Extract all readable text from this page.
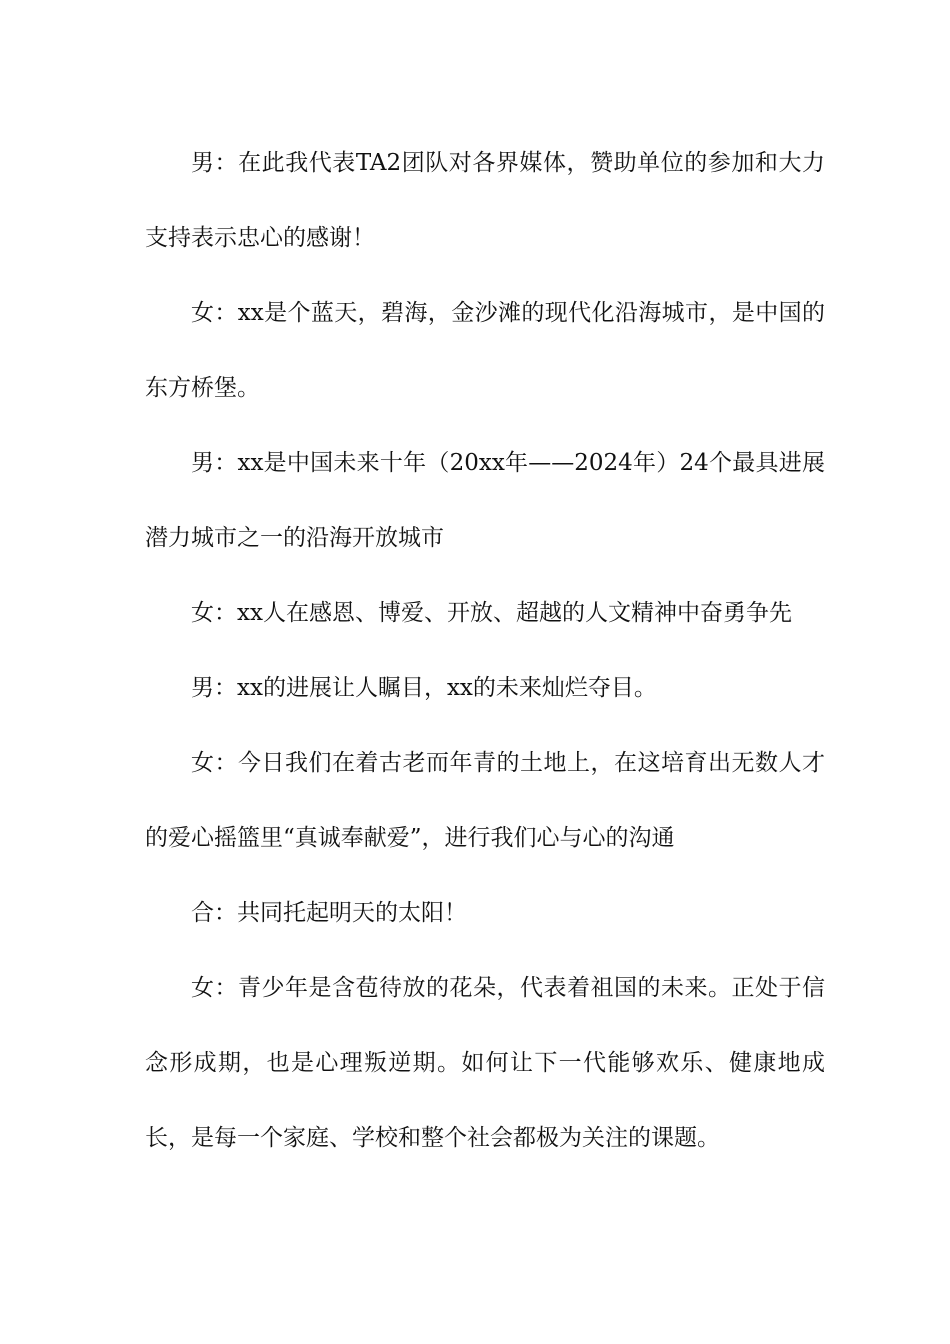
男：在此我代表TA2团队对各界媒体，赞助单位的参加和大力支持表示忠心的感谢！

女：xx是个蓝天，碧海，金沙滩的现代化沿海城市，是中国的东方桥堡。

男：xx是中国未来十年（20xx年——2024年）24个最具进展潜力城市之一的沿海开放城市

女：xx人在感恩、博爱、开放、超越的人文精神中奋勇争先

男：xx的进展让人瞩目，xx的未来灿烂夺目。

女：今日我们在着古老而年青的土地上，在这培育出无数人才的爱心摇篮里“真诚奉献爱”，进行我们心与心的沟通

合：共同托起明天的太阳！

女：青少年是含苞待放的花朵，代表着祖国的未来。正处于信念形成期，也是心理叛逆期。如何让下一代能够欢乐、健康地成长，是每一个家庭、学校和整个社会都极为关注的课题。
